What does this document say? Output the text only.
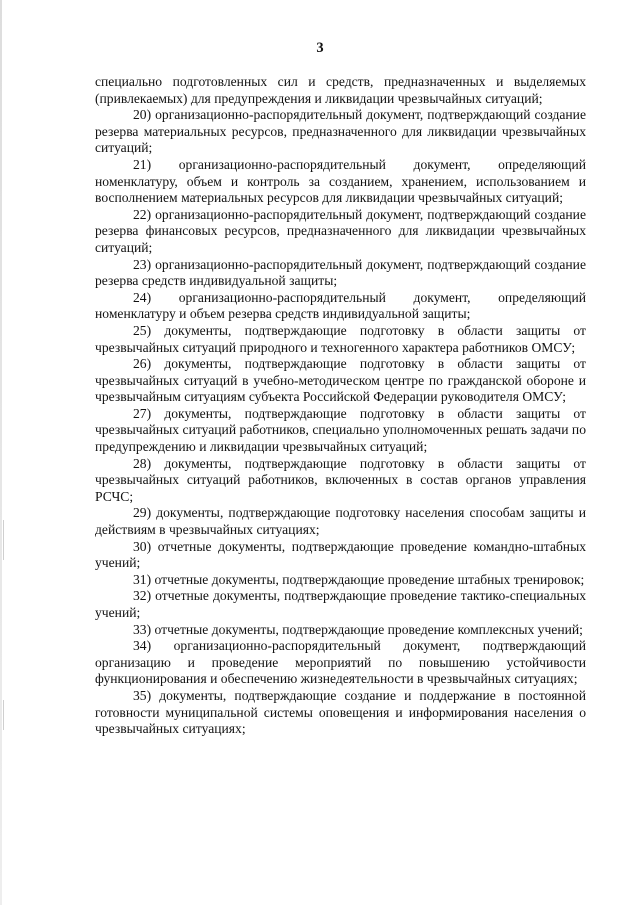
3

специально подготовленных сил и средств, предназначенных и выделяемых (привлекаемых) для предупреждения и ликвидации чрезвычайных ситуаций;

20) организационно-распорядительный документ, подтверждающий создание резерва материальных ресурсов, предназначенного для ликвидации чрезвычайных ситуаций;

21) организационно-распорядительный документ, определяющий номенклатуру, объем и контроль за созданием, хранением, использованием и восполнением материальных ресурсов для ликвидации чрезвычайных ситуаций;

22) организационно-распорядительный документ, подтверждающий создание резерва финансовых ресурсов, предназначенного для ликвидации чрезвычайных ситуаций;

23) организационно-распорядительный документ, подтверждающий создание резерва средств индивидуальной защиты;

24) организационно-распорядительный документ, определяющий номенклатуру и объем резерва средств индивидуальной защиты;

25) документы, подтверждающие подготовку в области защиты от чрезвычайных ситуаций природного и техногенного характера работников ОМСУ;

26) документы, подтверждающие подготовку в области защиты от чрезвычайных ситуаций в учебно-методическом центре по гражданской обороне и чрезвычайным ситуациям субъекта Российской Федерации руководителя ОМСУ;

27) документы, подтверждающие подготовку в области защиты от чрезвычайных ситуаций работников, специально уполномоченных решать задачи по предупреждению и ликвидации чрезвычайных ситуаций;

28) документы, подтверждающие подготовку в области защиты от чрезвычайных ситуаций работников, включенных в состав органов управления РСЧС;

29) документы, подтверждающие подготовку населения способам защиты и действиям в чрезвычайных ситуациях;

30) отчетные документы, подтверждающие проведение командно-штабных учений;

31) отчетные документы, подтверждающие проведение штабных тренировок;

32) отчетные документы, подтверждающие проведение тактико-специальных учений;

33) отчетные документы, подтверждающие проведение комплексных учений;

34) организационно-распорядительный документ, подтверждающий организацию и проведение мероприятий по повышению устойчивости функционирования и обеспечению жизнедеятельности в чрезвычайных ситуациях;

35) документы, подтверждающие создание и поддержание в постоянной готовности муниципальной системы оповещения и информирования населения о чрезвычайных ситуациях;
